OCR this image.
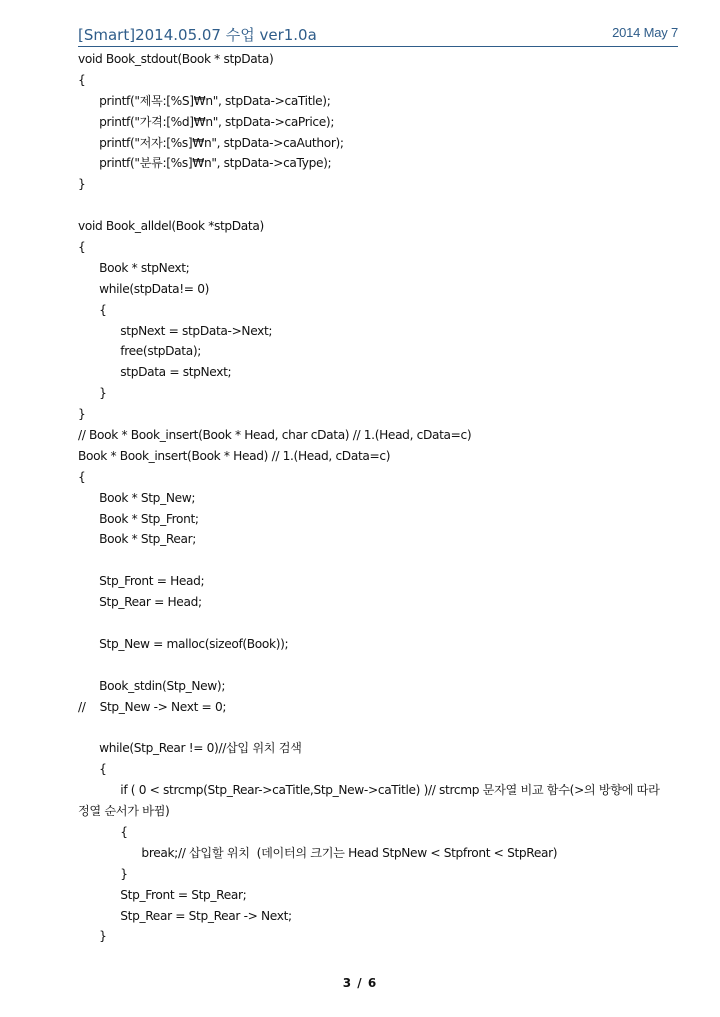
[Smart]2014.05.07 수업 ver1.0a	2014 May 7
void Book_stdout(Book * stpData)
{
printf("제목:[%S]₩n", stpData->caTitle);
printf("가격:[%d]₩n", stpData->caPrice);
printf("저자:[%s]₩n", stpData->caAuthor);
printf("분류:[%s]₩n", stpData->caType);
}
void Book_alldel(Book *stpData)
{
Book * stpNext;
while(stpData!= 0)
{
stpNext = stpData->Next;
free(stpData);
stpData = stpNext;
}
}
// Book * Book_insert(Book * Head, char cData) // 1.(Head, cData=c)
Book * Book_insert(Book * Head) // 1.(Head, cData=c)
{
Book * Stp_New;
Book * Stp_Front;
Book * Stp_Rear;
Stp_Front = Head;
Stp_Rear = Head;
Stp_New = malloc(sizeof(Book));
Book_stdin(Stp_New);
//    Stp_New -> Next = 0;
while(Stp_Rear != 0)//삽입 위치 검색
{
if ( 0 < strcmp(Stp_Rear->caTitle,Stp_New->caTitle) )// strcmp 문자열 비교 함수(>의 방향에 따라
정열 순서가 바뀜)
{
break;// 삽입할 위치  (데이터의 크기는 Head StpNew < Stpfront < StpRear)
}
Stp_Front = Stp_Rear;
Stp_Rear = Stp_Rear -> Next;
}
3 / 6
